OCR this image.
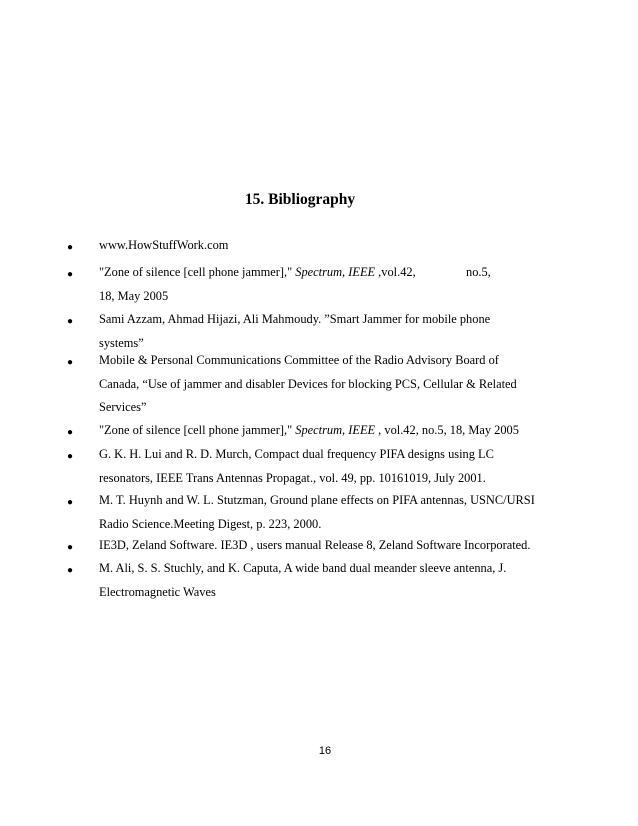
15. Bibliography
● www.HowStuffWork.com
● "Zone of silence [cell phone jammer]," Spectrum, IEEE ,vol.42,	no.5,
18, May 2005
● Sami Azzam, Ahmad Hijazi, Ali Mahmoudy. ”Smart Jammer for mobile phone
systems”
● Mobile & Personal Communications Committee of the Radio Advisory Board of
Canada, “Use of jammer and disabler Devices for blocking PCS, Cellular & Related
Services”
● "Zone of silence [cell phone jammer]," Spectrum, IEEE , vol.42, no.5, 18, May 2005
● G. K. H. Lui and R. D. Murch, Compact dual frequency PIFA designs using LC
resonators, IEEE Trans Antennas Propagat., vol. 49, pp. 10161019, July 2001.
● M. T. Huynh and W. L. Stutzman, Ground plane effects on PIFA antennas, USNC/URSI
Radio Science.Meeting Digest, p. 223, 2000.
● IE3D, Zeland Software. IE3D , users manual Release 8, Zeland Software Incorporated.
● M. Ali, S. S. Stuchly, and K. Caputa, A wide band dual meander sleeve antenna, J.
Electromagnetic Waves
16
